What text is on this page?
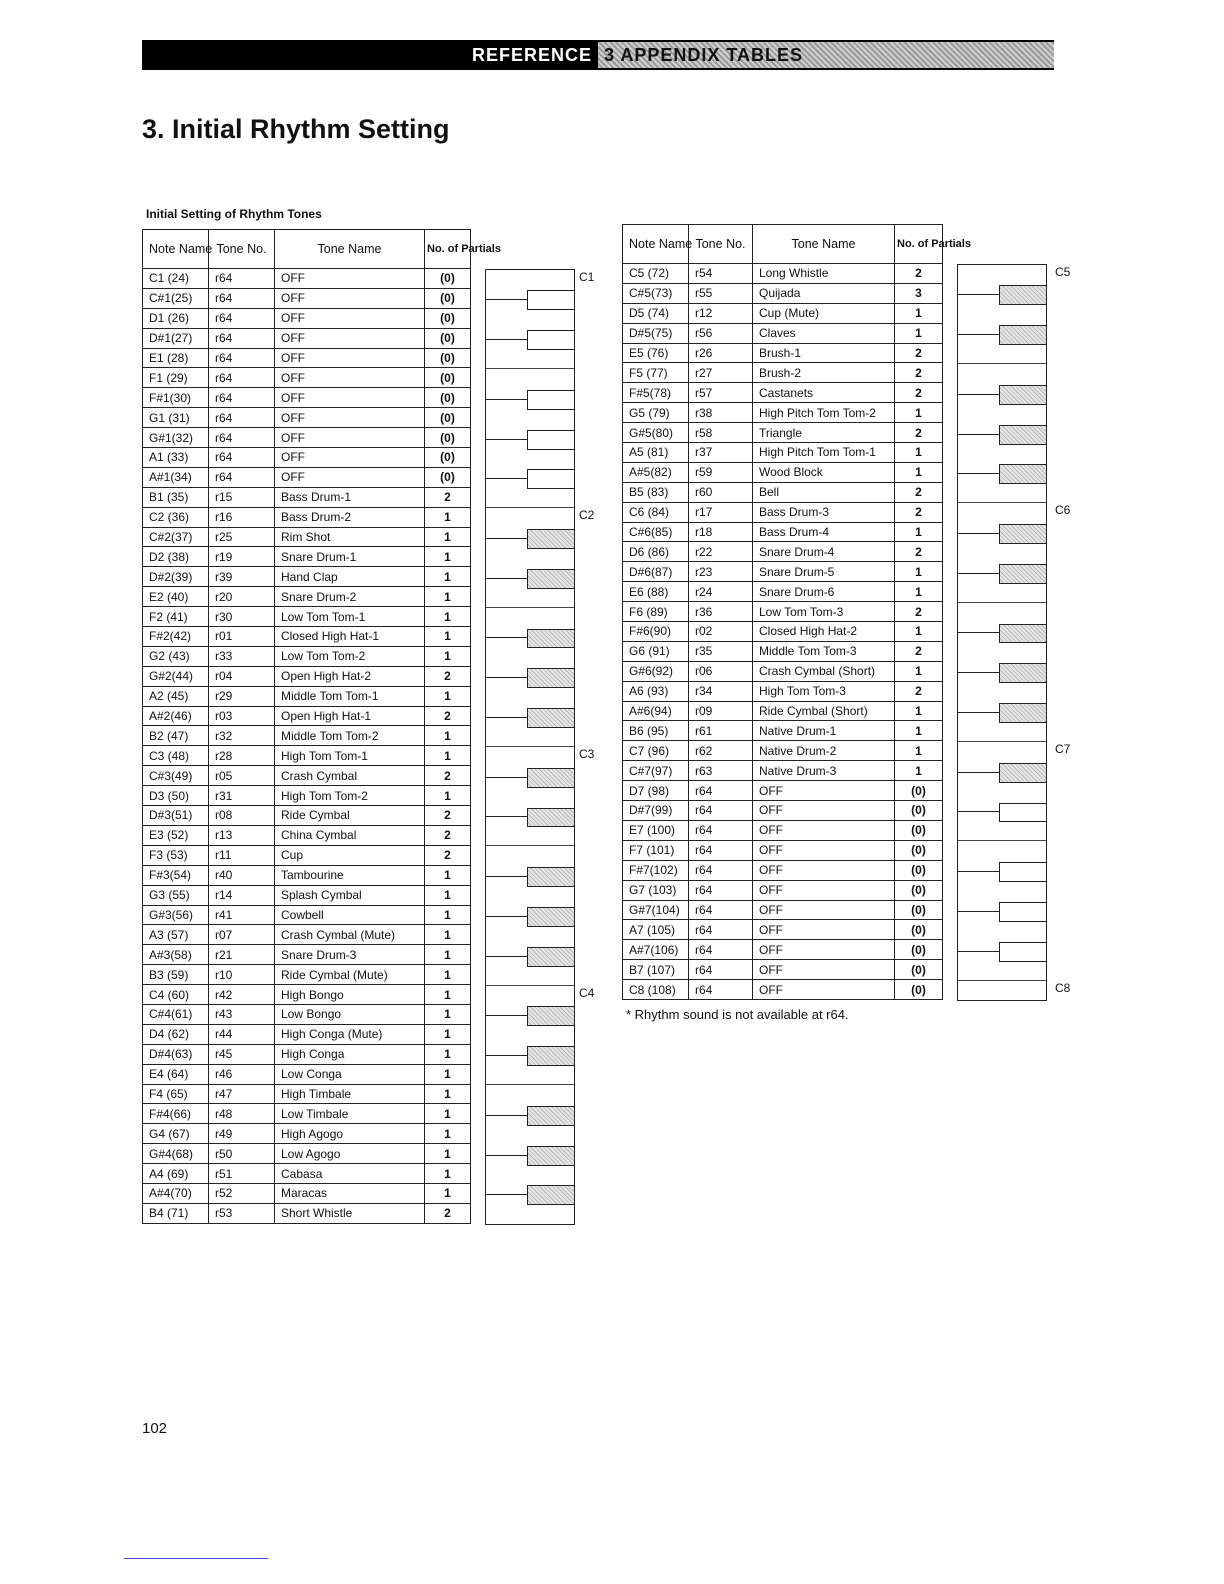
REFERENCE 3 APPENDIX TABLES
3. Initial Rhythm Setting
Initial Setting of Rhythm Tones
Note Name	Tone No.	Tone Name	No. of Partials
C1 (24)	r64	OFF	(0)
C#1(25)	r64	OFF	(0)
D1 (26)	r64	OFF	(0)
D#1(27)	r64	OFF	(0)
E1 (28)	r64	OFF	(0)
F1 (29)	r64	OFF	(0)
F#1(30)	r64	OFF	(0)
G1 (31)	r64	OFF	(0)
G#1(32)	r64	OFF	(0)
A1 (33)	r64	OFF	(0)
A#1(34)	r64	OFF	(0)
B1 (35)	r15	Bass Drum-1	2
C2 (36)	r16	Bass Drum-2	1
C#2(37)	r25	Rim Shot	1
D2 (38)	r19	Snare Drum-1	1
D#2(39)	r39	Hand Clap	1
E2 (40)	r20	Snare Drum-2	1
F2 (41)	r30	Low Tom Tom-1	1
F#2(42)	r01	Closed High Hat-1	1
G2 (43)	r33	Low Tom Tom-2	1
G#2(44)	r04	Open High Hat-2	2
A2 (45)	r29	Middle Tom Tom-1	1
A#2(46)	r03	Open High Hat-1	2
B2 (47)	r32	Middle Tom Tom-2	1
C3 (48)	r28	High Tom Tom-1	1
C#3(49)	r05	Crash Cymbal	2
D3 (50)	r31	High Tom Tom-2	1
D#3(51)	r08	Ride Cymbal	2
E3 (52)	r13	China Cymbal	2
F3 (53)	r11	Cup	2
F#3(54)	r40	Tambourine	1
G3 (55)	r14	Splash Cymbal	1
G#3(56)	r41	Cowbell	1
A3 (57)	r07	Crash Cymbal (Mute)	1
A#3(58)	r21	Snare Drum-3	1
B3 (59)	r10	Ride Cymbal (Mute)	1
C4 (60)	r42	High Bongo	1
C#4(61)	r43	Low Bongo	1
D4 (62)	r44	High Conga (Mute)	1
D#4(63)	r45	High Conga	1
E4 (64)	r46	Low Conga	1
F4 (65)	r47	High Timbale	1
F#4(66)	r48	Low Timbale	1
G4 (67)	r49	High Agogo	1
G#4(68)	r50	Low Agogo	1
A4 (69)	r51	Cabasa	1
A#4(70)	r52	Maracas	1
B4 (71)	r53	Short Whistle	2
Note Name	Tone No.	Tone Name	No. of Partials
C5 (72)	r54	Long Whistle	2
C#5(73)	r55	Quijada	3
D5 (74)	r12	Cup (Mute)	1
D#5(75)	r56	Claves	1
E5 (76)	r26	Brush-1	2
F5 (77)	r27	Brush-2	2
F#5(78)	r57	Castanets	2
G5 (79)	r38	High Pitch Tom Tom-2	1
G#5(80)	r58	Triangle	2
A5 (81)	r37	High Pitch Tom Tom-1	1
A#5(82)	r59	Wood Block	1
B5 (83)	r60	Bell	2
C6 (84)	r17	Bass Drum-3	2
C#6(85)	r18	Bass Drum-4	1
D6 (86)	r22	Snare Drum-4	2
D#6(87)	r23	Snare Drum-5	1
E6 (88)	r24	Snare Drum-6	1
F6 (89)	r36	Low Tom Tom-3	2
F#6(90)	r02	Closed High Hat-2	1
G6 (91)	r35	Middle Tom Tom-3	2
G#6(92)	r06	Crash Cymbal (Short)	1
A6 (93)	r34	High Tom Tom-3	2
A#6(94)	r09	Ride Cymbal (Short)	1
B6 (95)	r61	Native Drum-1	1
C7 (96)	r62	Native Drum-2	1
C#7(97)	r63	Native Drum-3	1
D7 (98)	r64	OFF	(0)
D#7(99)	r64	OFF	(0)
E7 (100)	r64	OFF	(0)
F7 (101)	r64	OFF	(0)
F#7(102)	r64	OFF	(0)
G7 (103)	r64	OFF	(0)
G#7(104)	r64	OFF	(0)
A7 (105)	r64	OFF	(0)
A#7(106)	r64	OFF	(0)
B7 (107)	r64	OFF	(0)
C8 (108)	r64	OFF	(0)
* Rhythm sound is not available at r64.
102
C1
C2
C3
C4
C5
C6
C7
C8
